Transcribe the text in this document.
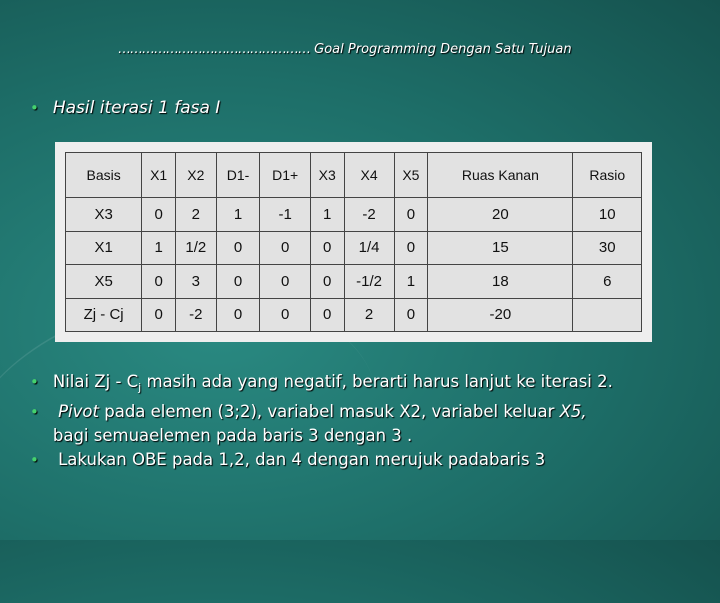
………………………………………… Goal Programming Dengan Satu Tujuan
• Hasil iterasi 1 fasa I
Basis	X1	X2	D1-	D1+	X3	X4	X5	Ruas Kanan	Rasio
X3	0	2	1	-1	1	-2	0	20	10
X1	1	1/2	0	0	0	1/4	0	15	30
X5	0	3	0	0	0	-1/2	1	18	6
Zj - Cj	0	-2	0	0	0	2	0	-20	
• Nilai Zj - $C_j$ masih ada yang negatif, berarti harus lanjut ke iterasi 2.
•	Pivot pada elemen (3;2), variabel masuk X2, variabel keluar X5,
bagi semuaelemen pada baris 3 dengan 3 .
•	Lakukan OBE pada 1,2, dan 4 dengan merujuk padabaris 3
